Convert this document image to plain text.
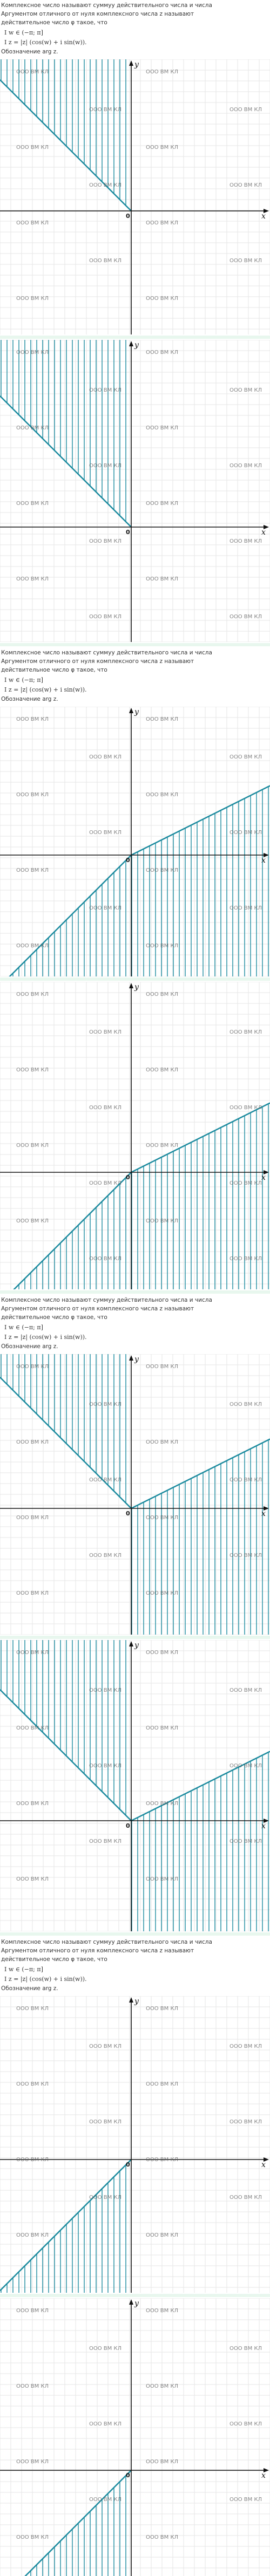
Комплексное число называют суммуу действительного числа и числа
Аргументом отличного от нуля комплексного числа z называют
действительное число φ такое, что
I w ∈ (−π; π]
I z = |z| (cos(w) + i sin(w)).
Обозначение arg z.
x
y
0
ООО ВМ КЛ	ООО ВМ КЛ
ООО ВМ КЛ	ООО ВМ КЛ
ООО ВМ КЛ	ООО ВМ КЛ
ООО ВМ КЛ	ООО ВМ КЛ
ООО ВМ КЛ	ООО ВМ КЛ
ООО ВМ КЛ	ООО ВМ КЛ
ООО ВМ КЛ	ООО ВМ КЛ
x
y
0
ООО ВМ КЛ	ООО ВМ КЛ
ООО ВМ КЛ	ООО ВМ КЛ
ООО ВМ КЛ	ООО ВМ КЛ
ООО ВМ КЛ	ООО ВМ КЛ
ООО ВМ КЛ	ООО ВМ КЛ
ООО ВМ КЛ	ООО ВМ КЛ
ООО ВМ КЛ	ООО ВМ КЛ
ООО ВМ КЛ	ООО ВМ КЛ
Комплексное число называют суммуу действительного числа и числа
Аргументом отличного от нуля комплексного числа z называют
действительное число φ такое, что
I w ∈ (−π; π]
I z = |z| (cos(w) + i sin(w)).
Обозначение arg z.
x
y
0
ООО ВМ КЛ	ООО ВМ КЛ
ООО ВМ КЛ	ООО ВМ КЛ
ООО ВМ КЛ	ООО ВМ КЛ
ООО ВМ КЛ	ООО ВМ КЛ
ООО ВМ КЛ	ООО ВМ КЛ
ООО ВМ КЛ	ООО ВМ КЛ
ООО ВМ КЛ	ООО ВМ КЛ
x
y
0
ООО ВМ КЛ	ООО ВМ КЛ
ООО ВМ КЛ	ООО ВМ КЛ
ООО ВМ КЛ	ООО ВМ КЛ
ООО ВМ КЛ	ООО ВМ КЛ
ООО ВМ КЛ	ООО ВМ КЛ
ООО ВМ КЛ	ООО ВМ КЛ
ООО ВМ КЛ	ООО ВМ КЛ
ООО ВМ КЛ	ООО ВМ КЛ
Комплексное число называют суммуу действительного числа и числа
Аргументом отличного от нуля комплексного числа z называют
действительное число φ такое, что
I w ∈ (−π; π]
I z = |z| (cos(w) + i sin(w)).
Обозначение arg z.
x
y
0
ООО ВМ КЛ	ООО ВМ КЛ
ООО ВМ КЛ	ООО ВМ КЛ
ООО ВМ КЛ	ООО ВМ КЛ
ООО ВМ КЛ	ООО ВМ КЛ
ООО ВМ КЛ	ООО ВМ КЛ
ООО ВМ КЛ	ООО ВМ КЛ
ООО ВМ КЛ	ООО ВМ КЛ
x
y
0
ООО ВМ КЛ	ООО ВМ КЛ
ООО ВМ КЛ	ООО ВМ КЛ
ООО ВМ КЛ	ООО ВМ КЛ
ООО ВМ КЛ	ООО ВМ КЛ
ООО ВМ КЛ	ООО ВМ КЛ
ООО ВМ КЛ	ООО ВМ КЛ
ООО ВМ КЛ	ООО ВМ КЛ
Комплексное число называют суммуу действительного числа и числа
Аргументом отличного от нуля комплексного числа z называют
действительное число φ такое, что
I w ∈ (−π; π]
I z = |z| (cos(w) + i sin(w)).
Обозначение arg z.
x
y
0
ООО ВМ КЛ	ООО ВМ КЛ
ООО ВМ КЛ	ООО ВМ КЛ
ООО ВМ КЛ	ООО ВМ КЛ
ООО ВМ КЛ	ООО ВМ КЛ
ООО ВМ КЛ	ООО ВМ КЛ
ООО ВМ КЛ	ООО ВМ КЛ
ООО ВМ КЛ	ООО ВМ КЛ
x
y
0
ООО ВМ КЛ	ООО ВМ КЛ
ООО ВМ КЛ	ООО ВМ КЛ
ООО ВМ КЛ	ООО ВМ КЛ
ООО ВМ КЛ	ООО ВМ КЛ
ООО ВМ КЛ	ООО ВМ КЛ
ООО ВМ КЛ	ООО ВМ КЛ
ООО ВМ КЛ	ООО ВМ КЛ
